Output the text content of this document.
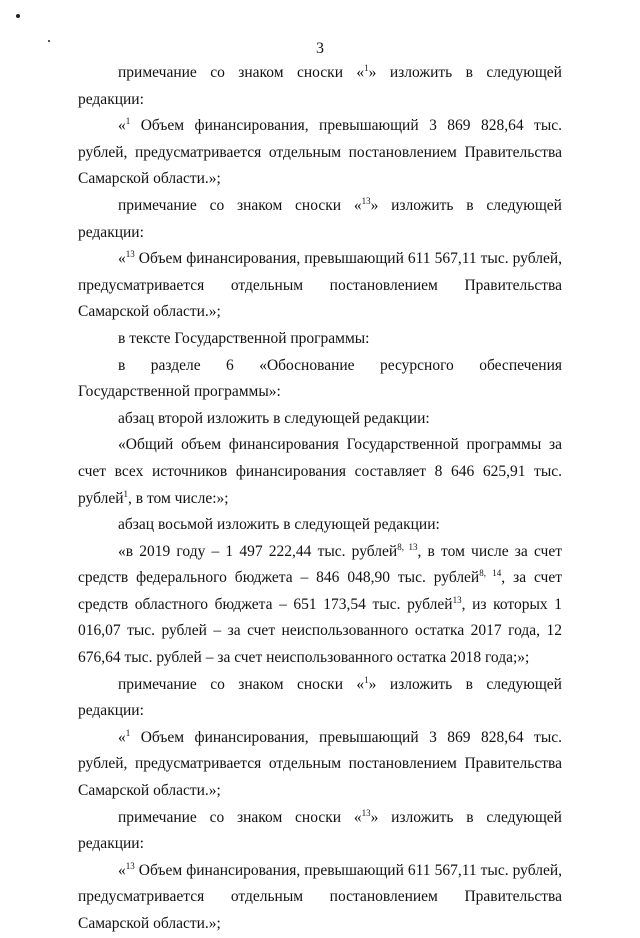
3

примечание со знаком сноски «$^1$» изложить в следующей редакции:

«$^1$ Объем финансирования, превышающий 3 869 828,64 тыс. рублей, предусматривается отдельным постановлением Правительства Самарской области.»;

примечание со знаком сноски «$^{13}$» изложить в следующей редакции:

«$^{13}$ Объем финансирования, превышающий 611 567,11 тыс. рублей, предусматривается отдельным постановлением Правительства Самарской области.»;

в тексте Государственной программы:

в разделе 6 «Обоснование ресурсного обеспечения Государственной программы»:

абзац второй изложить в следующей редакции:

«Общий объем финансирования Государственной программы за счет всех источников финансирования составляет 8 646 625,91 тыс. рублей$^1$, в том числе:»;

абзац восьмой изложить в следующей редакции:

«в 2019 году – 1 497 222,44 тыс. рублей$^{8, 13}$, в том числе за счет средств федерального бюджета – 846 048,90 тыс. рублей$^{8, 14}$, за счет средств областного бюджета – 651 173,54 тыс. рублей$^{13}$, из которых 1 016,07 тыс. рублей – за счет неиспользованного остатка 2017 года, 12 676,64 тыс. рублей – за счет неиспользованного остатка 2018 года;»;

примечание со знаком сноски «$^1$» изложить в следующей редакции:

«$^1$ Объем финансирования, превышающий 3 869 828,64 тыс. рублей, предусматривается отдельным постановлением Правительства Самарской области.»;

примечание со знаком сноски «$^{13}$» изложить в следующей редакции:

«$^{13}$ Объем финансирования, превышающий 611 567,11 тыс. рублей, предусматривается отдельным постановлением Правительства Самарской области.»;
